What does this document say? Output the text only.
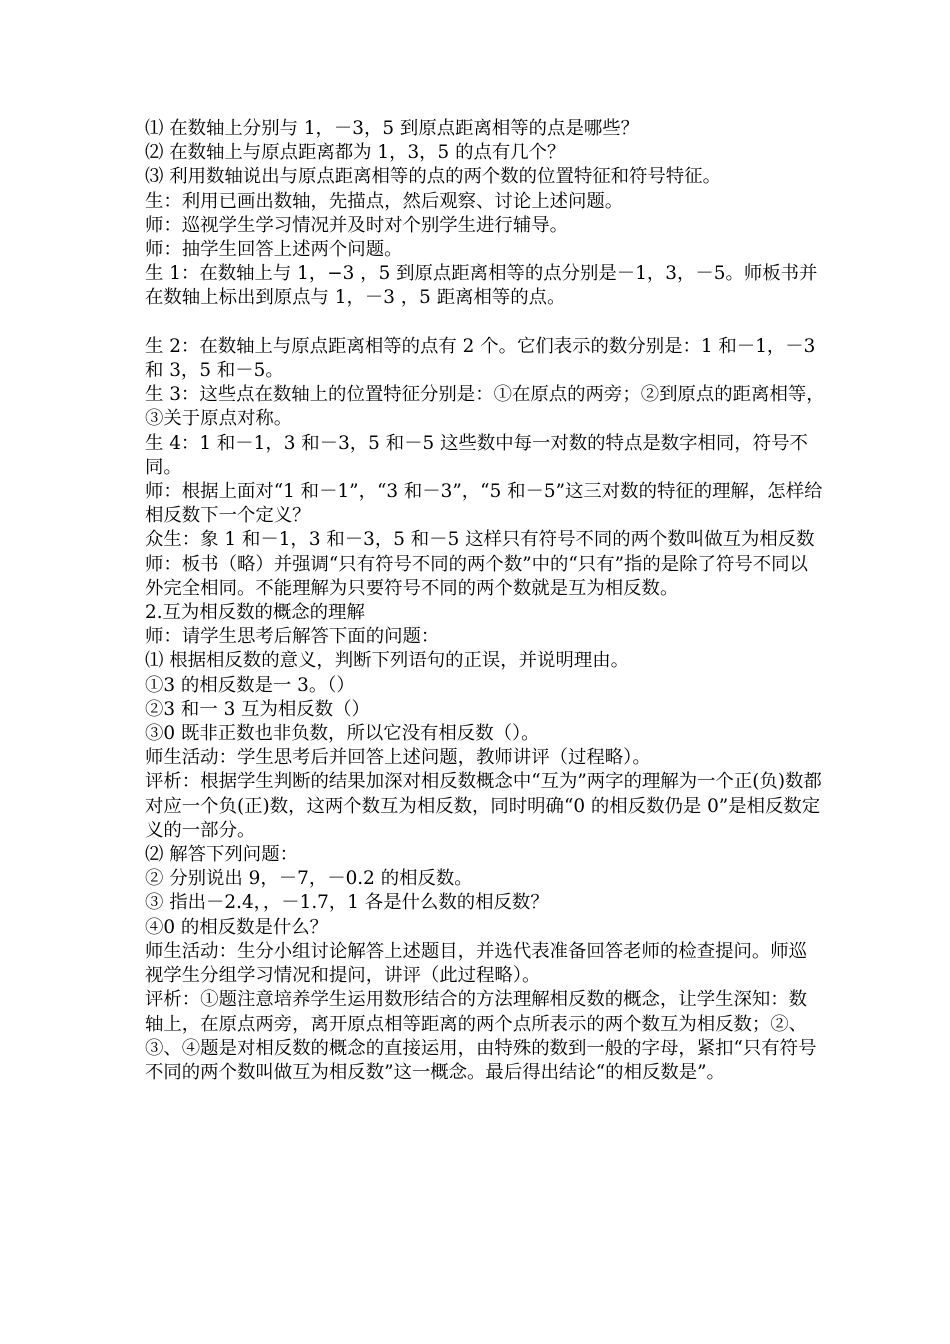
⑴ 在数轴上分别与 1，－3，5 到原点距离相等的点是哪些？

⑵ 在数轴上与原点距离都为 1，3，5 的点有几个？

⑶ 利用数轴说出与原点距离相等的点的两个数的位置特征和符号特征。

生：利用已画出数轴，先描点，然后观察、讨论上述问题。

师：巡视学生学习情况并及时对个别学生进行辅导。

师：抽学生回答上述两个问题。

生 1：在数轴上与 1，−3 ，5 到原点距离相等的点分别是－1，3，－5。师板书并在数轴上标出到原点与 1，－3 ，5 距离相等的点。

生 2：在数轴上与原点距离相等的点有 2 个。它们表示的数分别是：1 和－1，－3 和 3，5 和－5。

生 3：这些点在数轴上的位置特征分别是：①在原点的两旁；②到原点的距离相等，③关于原点对称。

生 4：1 和－1，3 和－3，5 和－5 这些数中每一对数的特点是数字相同，符号不同。

师：根据上面对“1 和－1”，“3 和－3”，“5 和－5”这三对数的特征的理解，怎样给相反数下一个定义？

众生：象 1 和－1，3 和－3，5 和－5 这样只有符号不同的两个数叫做互为相反数

师：板书（略）并强调“只有符号不同的两个数”中的“只有”指的是除了符号不同以外完全相同。不能理解为只要符号不同的两个数就是互为相反数。

2.互为相反数的概念的理解

师：请学生思考后解答下面的问题：

⑴ 根据相反数的意义，判断下列语句的正误，并说明理由。

①3 的相反数是一 3。（）

②3 和一 3 互为相反数（）

③0 既非正数也非负数，所以它没有相反数（）。

师生活动：学生思考后并回答上述问题，教师讲评（过程略）。

评析：根据学生判断的结果加深对相反数概念中“互为”两字的理解为一个正(负)数都对应一个负(正)数，这两个数互为相反数，同时明确“0 的相反数仍是 0”是相反数定义的一部分。

⑵ 解答下列问题：

② 分别说出 9，－7，－0.2 的相反数。

③ 指出－2.4，，－1.7，1 各是什么数的相反数？

④0 的相反数是什么？

师生活动：生分小组讨论解答上述题目，并选代表准备回答老师的检查提问。师巡视学生分组学习情况和提问，讲评（此过程略）。

评析：①题注意培养学生运用数形结合的方法理解相反数的概念，让学生深知：数轴上，在原点两旁，离开原点相等距离的两个点所表示的两个数互为相反数；②、③、④题是对相反数的概念的直接运用，由特殊的数到一般的字母，紧扣“只有符号不同的两个数叫做互为相反数”这一概念。最后得出结论“的相反数是”。
